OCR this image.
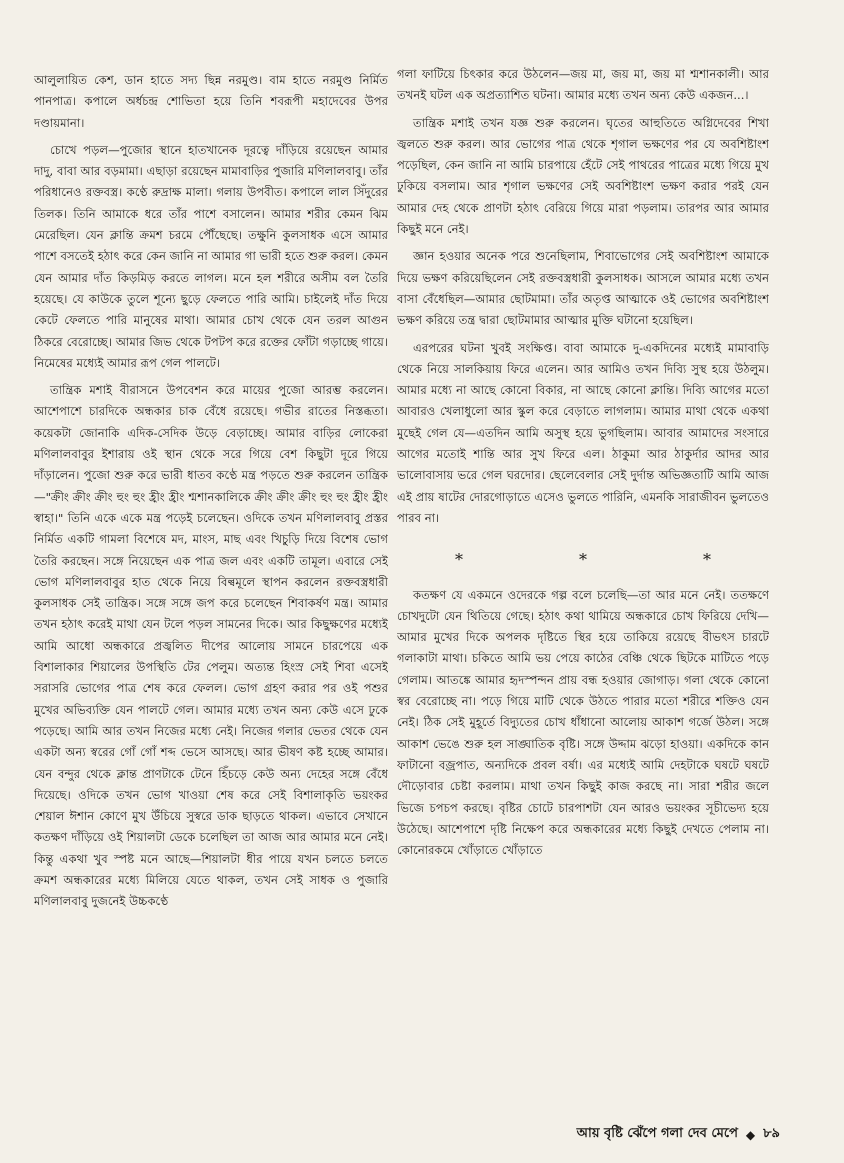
আলুলায়িত কেশ, ডান হাতে সদ্য ছিন্ন নরমুণ্ড। বাম হাতে নরমুণ্ড নির্মিত পানপাত্র। কপালে অর্ধচন্দ্র শোভিতা হয়ে তিনি শবরূপী মহাদেবের উপর দণ্ডায়মানা।

চোখে পড়ল—পুজোর স্থানে হাতখানেক দূরত্বে দাঁড়িয়ে রয়েছেন আমার দাদু, বাবা আর বড়মামা। এছাড়া রয়েছেন মামাবাড়ির পুজারি মণিলালবাবু। তাঁর পরিধানেও রক্তবস্ত্র। কণ্ঠে রুদ্রাক্ষ মালা। গলায় উপবীত। কপালে লাল সিঁদুরের তিলক। তিনি আমাকে ধরে তাঁর পাশে বসালেন। আমার শরীর কেমন ঝিম মেরেছিল। যেন ক্লান্তি ক্রমশ চরমে পৌঁছেছে। তক্ষুনি কুলসাধক এসে আমার পাশে বসতেই হঠাৎ করে কেন জানি না আমার গা ভারী হতে শুরু করল। কেমন যেন আমার দাঁত কিড়মিড় করতে লাগল। মনে হল শরীরে অসীম বল তৈরি হয়েছে। যে কাউকে তুলে শূন্যে ছুড়ে ফেলতে পারি আমি। চাইলেই দাঁত দিয়ে কেটে ফেলতে পারি মানুষের মাথা। আমার চোখ থেকে যেন তরল আগুন ঠিকরে বেরোচ্ছে। আমার জিভ থেকে টপটপ করে রক্তের ফোঁটা গড়াচ্ছে গায়ে। নিমেষের মধ্যেই আমার রূপ গেল পালটে।

তান্ত্রিক মশাই বীরাসনে উপবেশন করে মায়ের পুজো আরম্ভ করলেন। আশেপাশে চারদিকে অন্ধকার চাক বেঁধে রয়েছে। গভীর রাতের নিস্তব্ধতা। কয়েকটা জোনাকি এদিক-সেদিক উড়ে বেড়াচ্ছে। আমার বাড়ির লোকেরা মণিলালবাবুর ইশারায় ওই স্থান থেকে সরে গিয়ে বেশ কিছুটা দূরে গিয়ে দাঁড়ালেন। পুজো শুরু করে ভারী ধাতব কণ্ঠে মন্ত্র পড়তে শুরু করলেন তান্ত্রিক—"ক্রীং ক্রীং ক্রীং হুং হুং হ্রীং হ্রীং শ্মশানকালিকে ক্রীং ক্রীং ক্রীং হুং হুং হ্রীং হ্রীং স্বাহা।" তিনি একে একে মন্ত্র পড়েই চলেছেন। ওদিকে তখন মণিলালবাবু প্রস্তর নির্মিত একটি গামলা বিশেষে মদ, মাংস, মাছ এবং খিচুড়ি দিয়ে বিশেষ ভোগ তৈরি করছেন। সঙ্গে নিয়েছেন এক পাত্র জল এবং একটি তামূল। এবারে সেই ভোগ মণিলালবাবুর হাত থেকে নিয়ে বিল্বমূলে স্থাপন করলেন রক্তবস্ত্রধারী কুলসাধক সেই তান্ত্রিক। সঙ্গে সঙ্গে জপ করে চলেছেন শিবাকর্ষণ মন্ত্র। আমার তখন হঠাৎ করেই মাথা যেন টলে পড়ল সামনের দিকে। আর কিছুক্ষণের মধ্যেই আমি আধো অন্ধকারে প্রজ্বলিত দীপের আলোয় সামনে চারপেয়ে এক বিশালাকার শিয়ালের উপস্থিতি টের পেলুম। অত্যন্ত হিংস্র সেই শিবা এসেই সরাসরি ভোগের পাত্র শেষ করে ফেলল। ভোগ গ্রহণ করার পর ওই পশুর মুখের অভিব্যক্তি যেন পালটে গেল। আমার মধ্যে তখন অন্য কেউ এসে ঢুকে পড়েছে। আমি আর তখন নিজের মধ্যে নেই। নিজের গলার ভেতর থেকে যেন একটা অন্য স্বরের গোঁ গোঁ শব্দ ভেসে আসছে। আর ভীষণ কষ্ট হচ্ছে আমার। যেন বন্দুর থেকে ক্লান্ত প্রাণটাকে টেনে হিঁচড়ে কেউ অন্য দেহের সঙ্গে বেঁধে দিয়েছে। ওদিকে তখন ভোগ খাওয়া শেষ করে সেই বিশালাকৃতি ভয়ংকর শেয়াল ঈশান কোণে মুখ উঁচিয়ে সুস্বরে ডাক ছাড়তে থাকল। এভাবে সেখানে কতক্ষণ দাঁড়িয়ে ওই শিয়ালটা ডেকে চলেছিল তা আজ আর আমার মনে নেই। কিন্তু একথা খুব স্পষ্ট মনে আছে—শিয়ালটা ধীর পায়ে যখন চলতে চলতে ক্রমশ অন্ধকারের মধ্যে মিলিয়ে যেতে থাকল, তখন সেই সাধক ও পুজারি মণিলালবাবু দুজনেই উচ্চকণ্ঠে

গলা ফাটিয়ে চিৎকার করে উঠলেন—জয় মা, জয় মা, জয় মা শ্মশানকালী। আর তখনই ঘটল এক অপ্রত্যাশিত ঘটনা। আমার মধ্যে তখন অন্য কেউ একজন...।

তান্ত্রিক মশাই তখন যজ্ঞ শুরু করলেন। ঘৃতের আহুতিতে অগ্নিদেবের শিখা জ্বলতে শুরু করল। আর ভোগের পাত্র থেকে শৃগাল ভক্ষণের পর যে অবশিষ্টাংশ পড়েছিল, কেন জানি না আমি চারপায়ে হেঁটে সেই পাথরের পাত্রের মধ্যে গিয়ে মুখ ঢুকিয়ে বসলাম। আর শৃগাল ভক্ষণের সেই অবশিষ্টাংশ ভক্ষণ করার পরই যেন আমার দেহ থেকে প্রাণটা হঠাৎ বেরিয়ে গিয়ে মারা পড়লাম। তারপর আর আমার কিছুই মনে নেই।

জ্ঞান হওয়ার অনেক পরে শুনেছিলাম, শিবাভোগের সেই অবশিষ্টাংশ আমাকে দিয়ে ভক্ষণ করিয়েছিলেন সেই রক্তবস্ত্রধারী কুলসাধক। আসলে আমার মধ্যে তখন বাসা বেঁধেছিল—আমার ছোটমামা। তাঁর অতৃপ্ত আত্মাকে ওই ভোগের অবশিষ্টাংশ ভক্ষণ করিয়ে তন্ত্র দ্বারা ছোটমামার আত্মার মুক্তি ঘটানো হয়েছিল।

এরপরের ঘটনা খুবই সংক্ষিপ্ত। বাবা আমাকে দু-একদিনের মধ্যেই মামাবাড়ি থেকে নিয়ে সালকিয়ায় ফিরে এলেন। আর আমিও তখন দিব্যি সুস্থ হয়ে উঠলুম। আমার মধ্যে না আছে কোনো বিকার, না আছে কোনো ক্লান্তি। দিব্যি আগের মতো আবারও খেলাধুলো আর স্কুল করে বেড়াতে লাগলাম। আমার মাথা থেকে একথা মুছেই গেল যে—এতদিন আমি অসুস্থ হয়ে ভুগছিলাম। আবার আমাদের সংসারে আগের মতোই শান্তি আর সুখ ফিরে এল। ঠাকুমা আর ঠাকুর্দার আদর আর ভালোবাসায় ভরে গেল ঘরদোর। ছেলেবেলার সেই দুর্দান্ত অভিজ্ঞতাটি আমি আজ এই প্রায় ষাটের দোরগোড়াতে এসেও ভুলতে পারিনি, এমনকি সারাজীবন ভুলতেও পারব না।

*	*	*

কতক্ষণ যে একমনে ওদেরকে গল্প বলে চলেছি—তা আর মনে নেই। ততক্ষণে চোখদুটো যেন থিতিয়ে গেছে। হঠাৎ কথা থামিয়ে অন্ধকারে চোখ ফিরিয়ে দেখি—আমার মুখের দিকে অপলক দৃষ্টিতে স্থির হয়ে তাকিয়ে রয়েছে বীভৎস চারটে গলাকাটা মাথা। চকিতে আমি ভয় পেয়ে কাঠের বেঞ্চি থেকে ছিটকে মাটিতে পড়ে গেলাম। আতঙ্কে আমার হৃদস্পন্দন প্রায় বন্ধ হওয়ার জোগাড়। গলা থেকে কোনো স্বর বেরোচ্ছে না। পড়ে গিয়ে মাটি থেকে উঠতে পারার মতো শরীরে শক্তিও যেন নেই। ঠিক সেই মুহূর্তে বিদ্যুতের চোখ ধাঁধানো আলোয় আকাশ গর্জে উঠল। সঙ্গে আকাশ ভেঙে শুরু হল সাঙ্ঘাতিক বৃষ্টি। সঙ্গে উদ্দাম ঝড়ো হাওয়া। একদিকে কান ফাটানো বজ্রপাত, অন্যদিকে প্রবল বর্ষা। এর মধ্যেই আমি দেহটাকে ঘষটে ঘষটে দৌড়োবার চেষ্টা করলাম। মাথা তখন কিছুই কাজ করছে না। সারা শরীর জলে ভিজে চপচপ করছে। বৃষ্টির চোটে চারপাশটা যেন আরও ভয়ংকর সূচীভেদ্য হয়ে উঠেছে। আশেপাশে দৃষ্টি নিক্ষেপ করে অন্ধকারের মধ্যে কিছুই দেখতে পেলাম না। কোনোরকমে খোঁড়াতে খোঁড়াতে

আয় বৃষ্টি ঝেঁপে গলা দেব মেপে ◆ ৮৯
